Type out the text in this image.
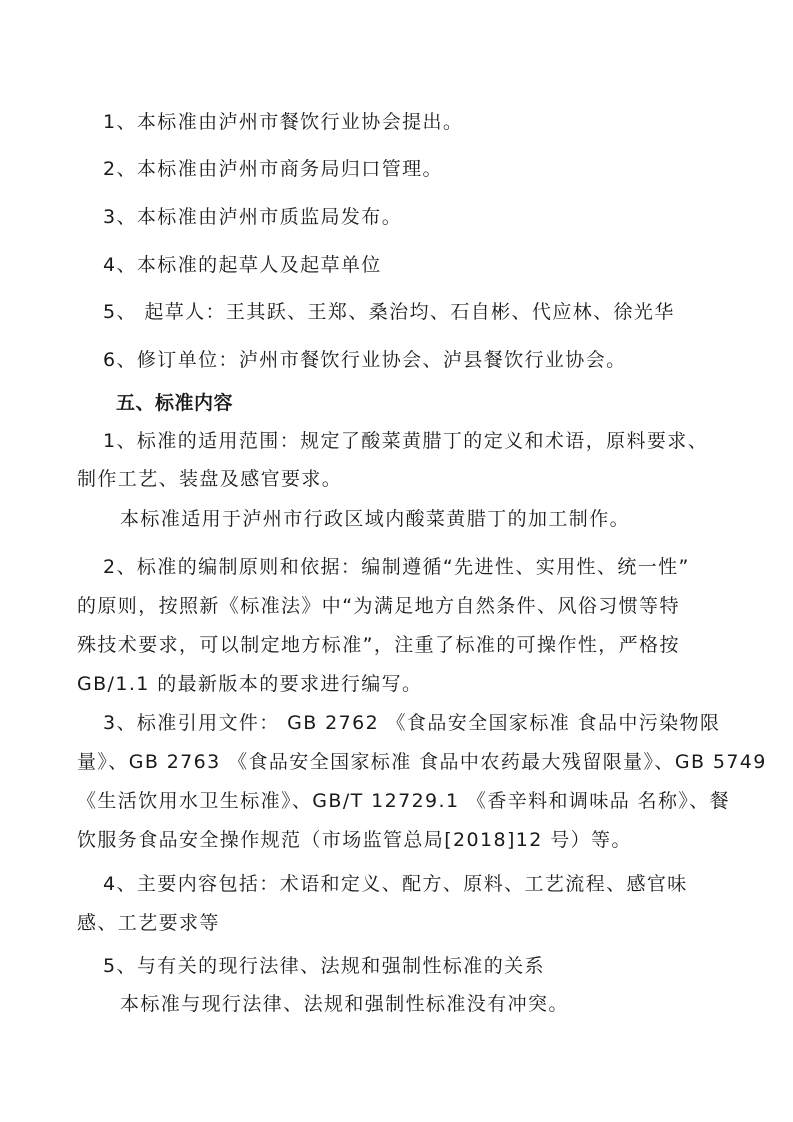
1、本标准由泸州市餐饮行业协会提出。

2、本标准由泸州市商务局归口管理。

3、本标准由泸州市质监局发布。

4、本标准的起草人及起草单位

5、 起草人：王其跃、王郑、桑治均、石自彬、代应林、徐光华

6、修订单位：泸州市餐饮行业协会、泸县餐饮行业协会。

五、标准内容

1、标准的适用范围：规定了酸菜黄腊丁的定义和术语，原料要求、

制作工艺、装盘及感官要求。

本标准适用于泸州市行政区域内酸菜黄腊丁的加工制作。

2、标准的编制原则和依据：编制遵循“先进性、实用性、统一性”

的原则，按照新《标准法》中“为满足地方自然条件、风俗习惯等特

殊技术要求，可以制定地方标准”，注重了标准的可操作性，严格按

GB/1.1 的最新版本的要求进行编写。

3、标准引用文件： GB 2762 《食品安全国家标准 食品中污染物限

量》、GB 2763 《食品安全国家标准 食品中农药最大残留限量》、GB 5749

《生活饮用水卫生标准》、GB/T 12729.1 《香辛料和调味品 名称》、餐

饮服务食品安全操作规范（市场监管总局[2018]12 号）等。

4、主要内容包括：术语和定义、配方、原料、工艺流程、感官味

感、工艺要求等

5、与有关的现行法律、法规和强制性标准的关系

本标准与现行法律、法规和强制性标准没有冲突。
